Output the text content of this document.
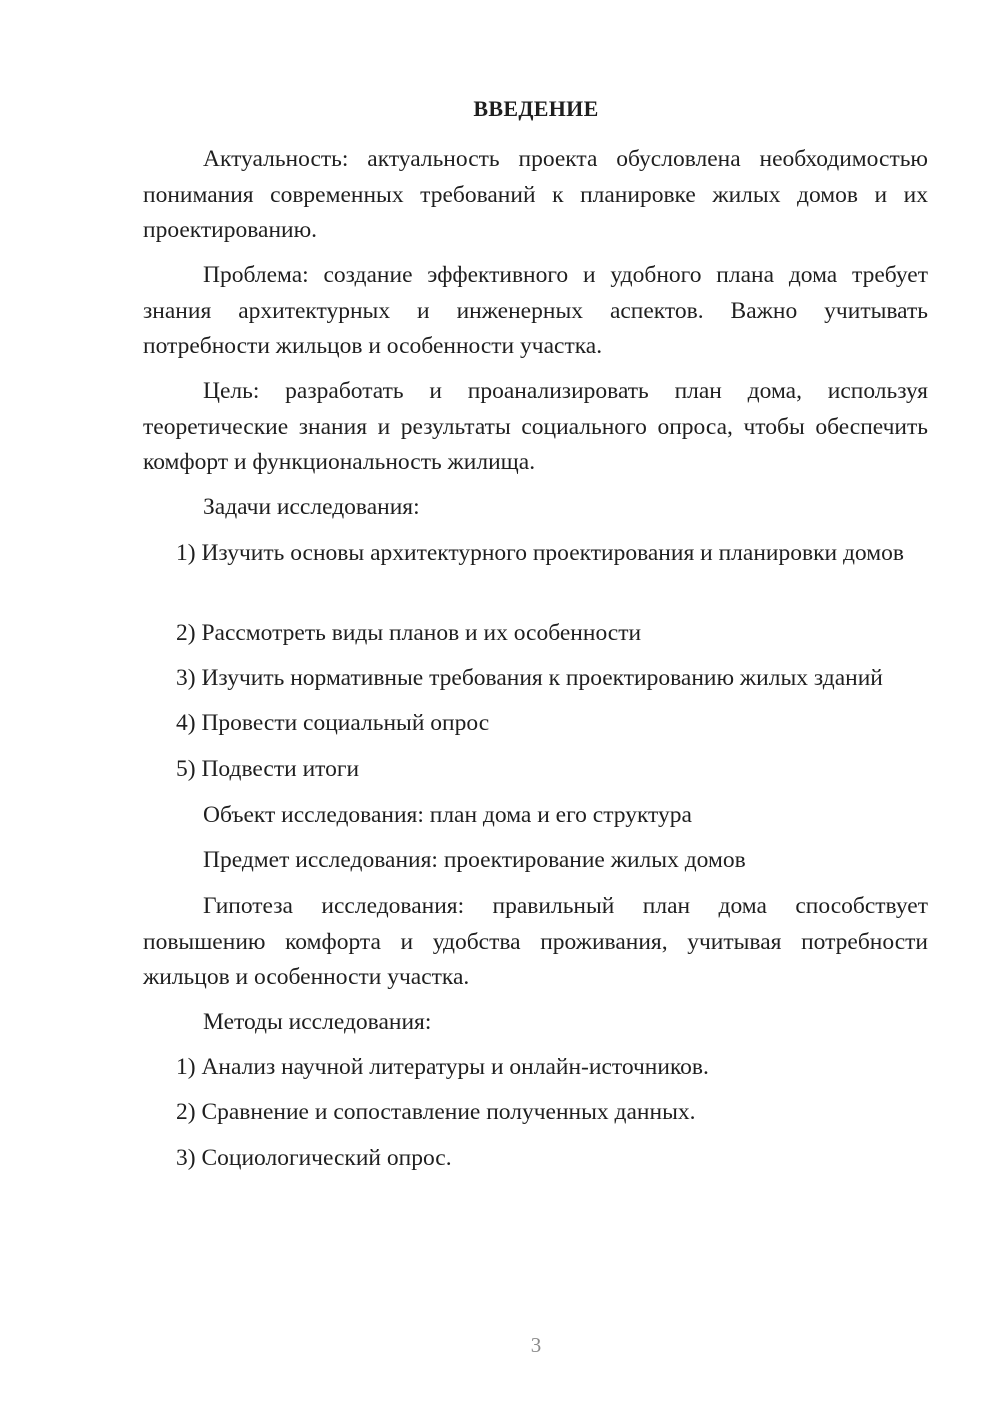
ВВЕДЕНИЕ

Актуальность: актуальность проекта обусловлена необходимостью понимания современных требований к планировке жилых домов и их проектированию.

Проблема: создание эффективного и удобного плана дома требует знания архитектурных и инженерных аспектов. Важно учитывать потребности жильцов и особенности участка.

Цель: разработать и проанализировать план дома, используя теоретические знания и результаты социального опроса, чтобы обеспечить комфорт и функциональность жилища.

Задачи исследования:

1) Изучить основы архитектурного проектирования и планировки домов

2) Рассмотреть виды планов и их особенности

3) Изучить нормативные требования к проектированию жилых зданий

4) Провести социальный опрос

5) Подвести итоги

Объект исследования: план дома и его структура

Предмет исследования: проектирование жилых домов

Гипотеза исследования: правильный план дома способствует повышению комфорта и удобства проживания, учитывая потребности жильцов и особенности участка.

Методы исследования:

1) Анализ научной литературы и онлайн-источников.

2) Сравнение и сопоставление полученных данных.

3) Социологический опрос.

3
